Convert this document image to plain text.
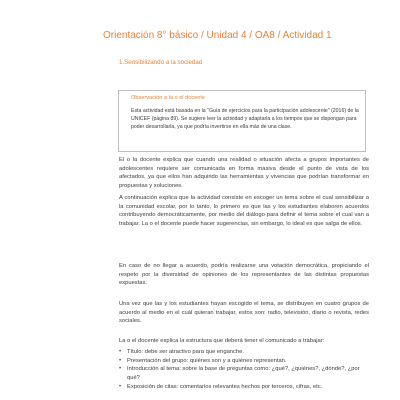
Orientación 8° básico / Unidad 4 / OA8 / Actividad 1
1.Sensibilizando a la sociedad
Observación a la o el docente
Esta actividad está basada en la "Guía de ejercicios para la participación adolescente" (2016) de la UNICEF (página 89). Se sugiere leer la actividad y adaptarla a los tiempos que se dispongan para poder desarrollarla, ya que podría invertirse en ella más de una clase.

El o la docente explica que cuando una realidad o situación afecta a grupos importantes de adolescentes requiere ser comunicada en forma masiva desde el punto de vista de los afectados, ya que ellos han adquirido las herramientas y vivencias que podrían transformar en propuestas y soluciones.

A continuación explica que la actividad consiste en escoger un tema sobre el cual sensibilizar a la comunidad escolar, por lo tanto, lo primero es que las y los estudiantes elaboren acuerdos contribuyendo democráticamente, por medio del diálogo para definir el tema sobre el cual van a trabajar. La o el docente puede hacer sugerencias, sin embargo, lo ideal es que salga de ellos.

En caso de no llegar a acuerdo, podría realizarse una votación democrática, propiciando el respeto por la diversidad de opiniones de los representantes de las distintas propuestas expuestas.

Una vez que las y los estudiantes hayan escogido el tema, se distribuyen en cuatro grupos de acuerdo al medio en el cuál quieran trabajar, estos son: radio, televisión, diario o revista, redes sociales.

La o el docente explica la estructura que deberá tener el comunicado a trabajar:

• Título: debe ser atractivo para que enganche.
• Presentación del grupo: quiénes son y a quiénes representan.
• Introducción al tema: sobre la base de preguntas como: ¿qué?, ¿quiénes?, ¿dónde?, ¿por qué?
• Exposición de citas: comentarios relevantes hechos por terceros, cifras, etc.
